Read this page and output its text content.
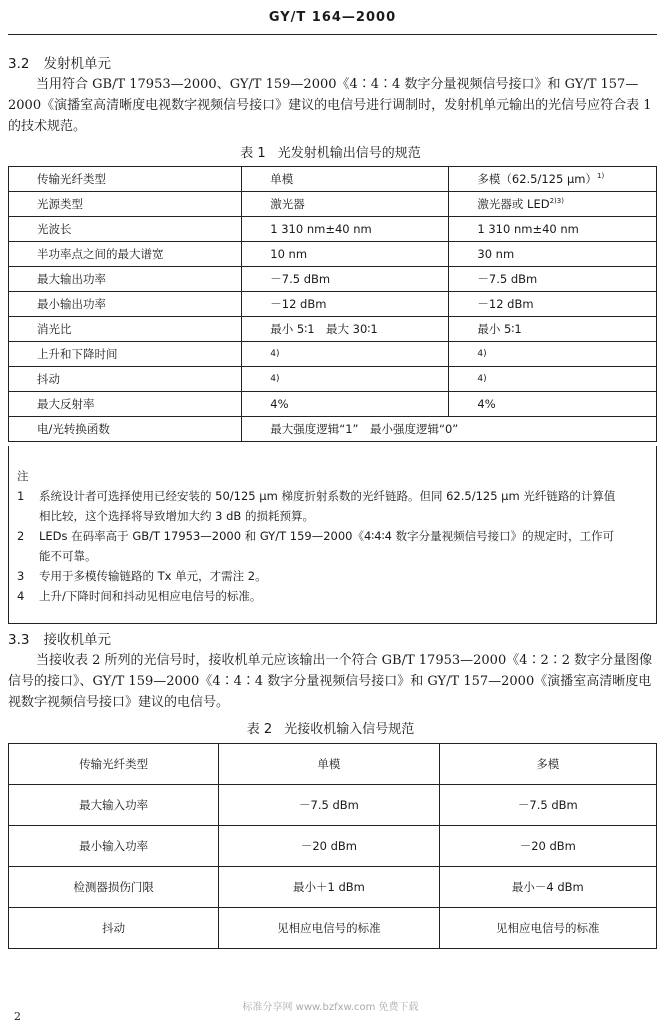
GY/T 164—2000
3.2 发射机单元
当用符合 GB/T 17953—2000、GY/T 159—2000《4∶4∶4 数字分量视频信号接口》和 GY/T 157—2000《演播室高清晰度电视数字视频信号接口》建议的电信号进行调制时，发射机单元输出的光信号应符合表 1 的技术规范。
表 1 光发射机输出信号的规范
传输光纤类型	单模	多模（62.5/125 μm）$^{1)}$
光源类型	激光器	激光器或 $LED^{2)3)}$
光波长	1 310 nm±40 nm	1 310 nm±40 nm
半功率点之间的最大谱宽	10 nm	30 nm
最大输出功率	－7.5 dBm	－7.5 dBm
最小输出功率	－12 dBm	－12 dBm
消光比	最小 5∶1　最大 30∶1	最小 5∶1
上升和下降时间	4)	4)
抖动	4)	4)
最大反射率	4%	4%
电/光转换函数	最大强度逻辑“1”　最小强度逻辑“0”	
注
1 系统设计者可选择使用已经安装的 50/125 μm 梯度折射系数的光纤链路。但同 62.5/125 μm 光纤链路的计算值
相比较，这个选择将导致增加大约 3 dB 的损耗预算。
2 LEDs 在码率高于 GB/T 17953—2000 和 GY/T 159—2000《4∶4∶4 数字分量视频信号接口》的规定时，工作可
能不可靠。
3 专用于多模传输链路的 Tx 单元，才需注 2。
4 上升/下降时间和抖动见相应电信号的标准。
3.3 接收机单元
当接收表 2 所列的光信号时，接收机单元应该输出一个符合 GB/T 17953—2000《4∶2∶2 数字分量图像信号的接口》、GY/T 159—2000《4∶4∶4 数字分量视频信号接口》和 GY/T 157—2000《演播室高清晰度电视数字视频信号接口》建议的电信号。
表 2 光接收机输入信号规范
传输光纤类型	单模	多模
最大输入功率	－7.5 dBm	－7.5 dBm
最小输入功率	－20 dBm	－20 dBm
检测器损伤门限	最小＋1 dBm	最小－4 dBm
抖动	见相应电信号的标准	见相应电信号的标准
标准分享网 www.bzfxw.com 免费下载
2
